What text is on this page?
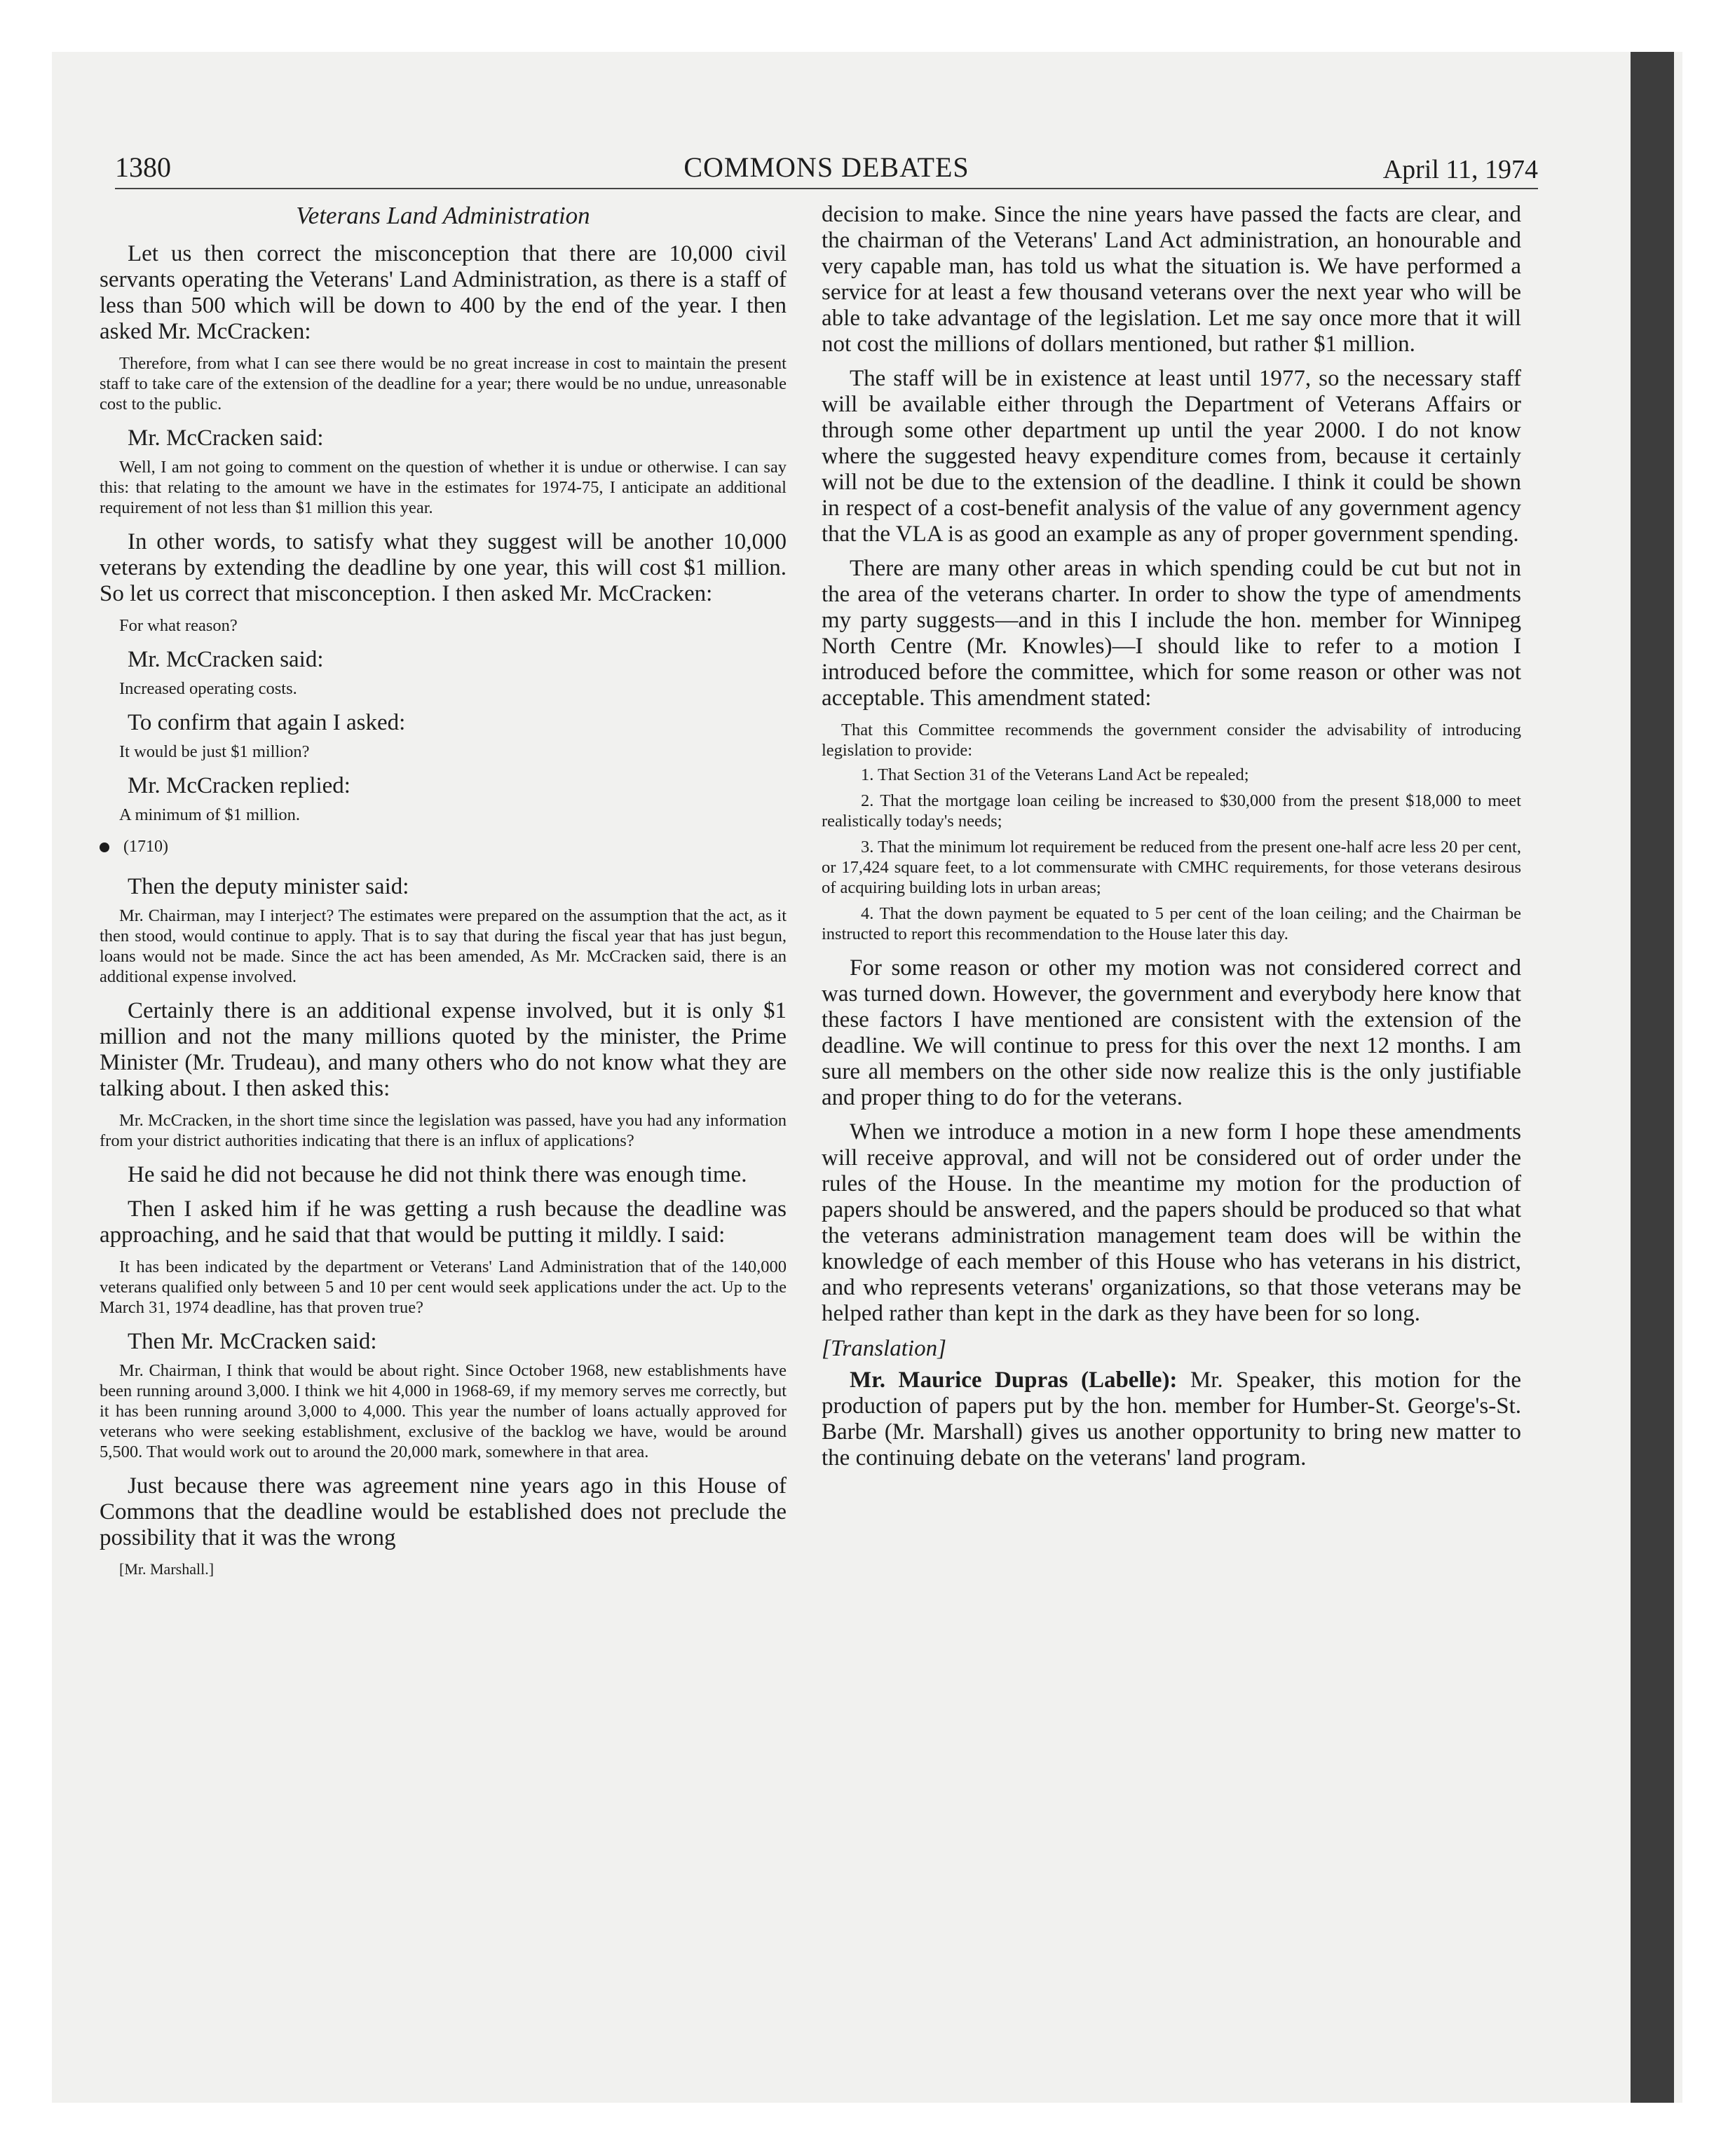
1380	COMMONS DEBATES	April 11, 1974
Veterans Land Administration

Let us then correct the misconception that there are 10,000 civil servants operating the Veterans' Land Administration, as there is a staff of less than 500 which will be down to 400 by the end of the year. I then asked Mr. McCracken:

Therefore, from what I can see there would be no great increase in cost to maintain the present staff to take care of the extension of the deadline for a year; there would be no undue, unreasonable cost to the public.

Mr. McCracken said:

Well, I am not going to comment on the question of whether it is undue or otherwise. I can say this: that relating to the amount we have in the estimates for 1974-75, I anticipate an additional requirement of not less than $1 million this year.

In other words, to satisfy what they suggest will be another 10,000 veterans by extending the deadline by one year, this will cost $1 million. So let us correct that misconception. I then asked Mr. McCracken:

For what reason?

Mr. McCracken said:

Increased operating costs.

To confirm that again I asked:

It would be just $1 million?

Mr. McCracken replied:

A minimum of $1 million.

(1710)

Then the deputy minister said:

Mr. Chairman, may I interject? The estimates were prepared on the assumption that the act, as it then stood, would continue to apply. That is to say that during the fiscal year that has just begun, loans would not be made. Since the act has been amended, As Mr. McCracken said, there is an additional expense involved.

Certainly there is an additional expense involved, but it is only $1 million and not the many millions quoted by the minister, the Prime Minister (Mr. Trudeau), and many others who do not know what they are talking about. I then asked this:

Mr. McCracken, in the short time since the legislation was passed, have you had any information from your district authorities indicating that there is an influx of applications?

He said he did not because he did not think there was enough time.

Then I asked him if he was getting a rush because the deadline was approaching, and he said that that would be putting it mildly. I said:

It has been indicated by the department or Veterans' Land Administration that of the 140,000 veterans qualified only between 5 and 10 per cent would seek applications under the act. Up to the March 31, 1974 deadline, has that proven true?

Then Mr. McCracken said:

Mr. Chairman, I think that would be about right. Since October 1968, new establishments have been running around 3,000. I think we hit 4,000 in 1968-69, if my memory serves me correctly, but it has been running around 3,000 to 4,000. This year the number of loans actually approved for veterans who were seeking establishment, exclusive of the backlog we have, would be around 5,500. That would work out to around the 20,000 mark, somewhere in that area.

Just because there was agreement nine years ago in this House of Commons that the deadline would be established does not preclude the possibility that it was the wrong

[Mr. Marshall.]

decision to make. Since the nine years have passed the facts are clear, and the chairman of the Veterans' Land Act administration, an honourable and very capable man, has told us what the situation is. We have performed a service for at least a few thousand veterans over the next year who will be able to take advantage of the legislation. Let me say once more that it will not cost the millions of dollars mentioned, but rather $1 million.

The staff will be in existence at least until 1977, so the necessary staff will be available either through the Department of Veterans Affairs or through some other department up until the year 2000. I do not know where the suggested heavy expenditure comes from, because it certainly will not be due to the extension of the deadline. I think it could be shown in respect of a cost-benefit analysis of the value of any government agency that the VLA is as good an example as any of proper government spending.

There are many other areas in which spending could be cut but not in the area of the veterans charter. In order to show the type of amendments my party suggests—and in this I include the hon. member for Winnipeg North Centre (Mr. Knowles)—I should like to refer to a motion I introduced before the committee, which for some reason or other was not acceptable. This amendment stated:

That this Committee recommends the government consider the advisability of introducing legislation to provide:

1. That Section 31 of the Veterans Land Act be repealed;

2. That the mortgage loan ceiling be increased to $30,000 from the present $18,000 to meet realistically today's needs;

3. That the minimum lot requirement be reduced from the present one-half acre less 20 per cent, or 17,424 square feet, to a lot commensurate with CMHC requirements, for those veterans desirous of acquiring building lots in urban areas;

4. That the down payment be equated to 5 per cent of the loan ceiling; and the Chairman be instructed to report this recommendation to the House later this day.

For some reason or other my motion was not considered correct and was turned down. However, the government and everybody here know that these factors I have mentioned are consistent with the extension of the deadline. We will continue to press for this over the next 12 months. I am sure all members on the other side now realize this is the only justifiable and proper thing to do for the veterans.

When we introduce a motion in a new form I hope these amendments will receive approval, and will not be considered out of order under the rules of the House. In the meantime my motion for the production of papers should be answered, and the papers should be produced so that what the veterans administration management team does will be within the knowledge of each member of this House who has veterans in his district, and who represents veterans' organizations, so that those veterans may be helped rather than kept in the dark as they have been for so long.

[Translation]

Mr. Maurice Dupras (Labelle): Mr. Speaker, this motion for the production of papers put by the hon. member for Humber-St. George's-St. Barbe (Mr. Marshall) gives us another opportunity to bring new matter to the continuing debate on the veterans' land program.
